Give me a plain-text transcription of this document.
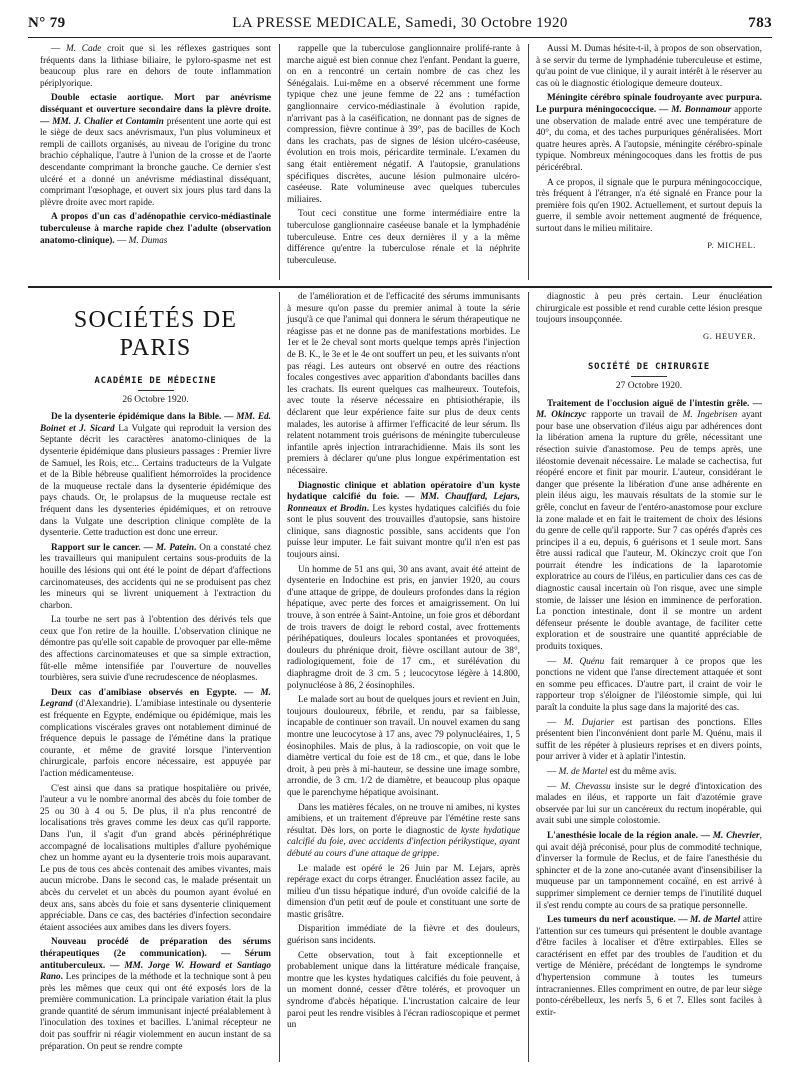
N° 79	LA PRESSE MEDICALE, Samedi, 30 Octobre 1920	783

— M. Cade croit que si les réflexes gastriques sont fréquents dans la lithiase biliaire, le pyloro-spasme net est beaucoup plus rare en dehors de toute inflammation périplyorique.

Double ectasie aortique. Mort par anévrisme disséquant et ouverture secondaire dans la plèvre droite. — MM. J. Chalier et Contamin présentent une aorte qui est le siège de deux sacs anévrismaux, l'un plus volumineux et rempli de caillots organisés, au niveau de l'origine du tronc brachio céphalique, l'autre à l'union de la crosse et de l'aorte descendante comprimant la bronche gauche. Ce dernier s'est ulcéré et a donné un anévrisme médiastinal disséquant, comprimant l'œsophage, et ouvert six jours plus tard dans la plèvre droite avec mort rapide.

A propos d'un cas d'adénopathie cervico-médiastinale tuberculeuse à marche rapide chez l'adulte (observation anatomo-clinique). — M. Dumas

rappelle que la tuberculose ganglionnaire prolifé-rante à marche aiguë est bien connue chez l'enfant. Pendant la guerre, on en a rencontré un certain nombre de cas chez les Sénégalais. Lui-même en a observé récemment une forme typique chez une jeune femme de 22 ans : tuméfaction ganglionnaire cervico-médiastinale à évolution rapide, n'arrivant pas à la caséification, ne donnant pas de signes de compression, fièvre continue à 39°, pas de bacilles de Koch dans les crachats, pas de signes de lésion ulcéro-caséeuse, évolution en trois mois, péricardite terminale. L'examen du sang était entièrement négatif. A l'autopsie, granulations spécifiques discrètes, aucune lésion pulmonaire ulcéro-caséeuse. Rate volumineuse avec quelques tubercules miliaires.

Tout ceci constitue une forme intermédiaire entre la tuberculose ganglionnaire caséeuse banale et la lymphadénie tuberculeuse. Entre ces deux dernières il y a la même différence qu'entre la tuberculose rénale et la néphrite tuberculeuse.

Aussi M. Dumas hésite-t-il, à propos de son observation, à se servir du terme de lymphadénie tuberculeuse et estime, qu'au point de vue clinique, il y aurait intérêt à le réserver au cas où le diagnostic étiologique demeure douteux.

Méningite cérébro spinale foudroyante avec purpura. Le purpura méningococcique. — M. Bonnamour apporte une observation de malade entré avec une température de 40°, du coma, et des taches purpuriques généralisées. Mort quatre heures après. A l'autopsie, méningite cérébro-spinale typique. Nombreux méningocoques dans les frottis de pus péricérébral.

A ce propos, il signale que le purpura méningococcique, très fréquent à l'étranger, n'a été signalé en France pour la première fois qu'en 1902. Actuellement, et surtout depuis la guerre, il semble avoir nettement augmenté de fréquence, surtout dans le milieu militaire.

P. MICHEL.
SOCIÉTÉS DE PARIS
ACADÉMIE DE MÉDECINE
26 Octobre 1920.

De la dysenterie épidémique dans la Bible. — MM. Ed. Boinet et J. Sicard La Vulgate qui reproduit la version des Septante décrit les caractères anatomo-cliniques de la dysenterie épidémique dans plusieurs passages : Premier livre de Samuel, les Rois, etc... Certains traducteurs de la Vulgate et de la Bible hébreuse qualifient hémorroïdes la procidence de la muqueuse rectale dans la dysenterie épidémique des pays chauds. Or, le prolapsus de la muqueuse rectale est fréquent dans les dysenteries épidémiques, et on retrouve dans la Vulgate une description clinique complète de la dysenterie. Cette traduction est donc une erreur.

Rapport sur le cancer. — M. Patein. On a constaté chez les travailleurs qui manipulent certains sous-produits de la houille des lésions qui ont été le point de départ d'affections carcinomateuses, des accidents qui ne se produisent pas chez les mineurs qui se livrent uniquement à l'extraction du charbon.

La tourbe ne sert pas à l'obtention des dérivés tels que ceux que l'on retire de la houille. L'observation clinique ne démontre pas qu'elle soit capable de provoquer par elle-même des affections carcinomateuses et que sa simple extraction, fût-elle même intensifiée par l'ouverture de nouvelles tourbières, sera suivie d'une recrudescence de néoplasmes.

Deux cas d'amibiase observés en Egypte. — M. Legrand (d'Alexandrie). L'amibiase intestinale ou dysenterie est fréquente en Egypte, endémique ou épidémique, mais les complications viscérales graves ont notablement diminué de fréquence depuis le passage de l'émétine dans la pratique courante, et même de gravité lorsque l'intervention chirurgicale, parfois encore nécessaire, est appuyée par l'action médicamenteuse.

C'est ainsi que dans sa pratique hospitalière ou privée, l'auteur a vu le nombre anormal des abcès du foie tomber de 25 ou 30 à 4 ou 5. De plus, il n'a plus rencontré de localisations très graves comme les deux cas qu'il rapporte. Dans l'un, il s'agit d'un grand abcès périnéphrétique accompagné de localisations multiples d'allure pyohémique chez un homme ayant eu la dysenterie trois mois auparavant. Le pus de tous ces abcès contenait des amibes vivantes, mais aucun microbe. Dans le second cas, le malade présentait un abcès du cervelet et un abcès du poumon ayant évolué en deux ans, sans abcès du foie et sans dysenterie cliniquement appréciable. Dans ce cas, des bactéries d'infection secondaire étaient associées aux amibes dans les divers foyers.

Nouveau procédé de préparation des sérums thérapeutiques (2e communication). — Sérum antituberculeux. — MM. Jorge W. Howard et Santiago Rano. Les principes de la méthode et la technique sont à peu près les mêmes que ceux qui ont été exposés lors de la première communication. La principale variation était la plus grande quantité de sérum immunisant injecté préalablement à l'inoculation des toxines et bacilles. L'animal récepteur ne doit pas souffrir ni réagir violemment en aucun instant de sa préparation. On peut se rendre compte

de l'amélioration et de l'efficacité des sérums immunisants à mesure qu'on passe du premier animal à toute la série jusqu'à ce que l'animal qui donnera le sérum thérapeutique ne réagisse pas et ne donne pas de manifestations morbides. Le 1er et le 2e cheval sont morts quelque temps après l'injection de B. K., le 3e et le 4e ont souffert un peu, et les suivants n'ont pas réagi. Les auteurs ont observé en outre des réactions focales congestives avec apparition d'abondants bacilles dans les crachats. Ils eurent quelques cas malheureux. Toutefois, avec toute la réserve nécessaire en phtisiothérapie, ils déclarent que leur expérience faite sur plus de deux cents malades, les autorise à affirmer l'efficacité de leur sérum. Ils relatent notamment trois guérisons de méningite tuberculeuse infantile après injection intrarachidienne. Mais ils sont les premiers à déclarer qu'une plus longue expérimentation est nécessaire.

Diagnostic clinique et ablation opératoire d'un kyste hydatique calcifié du foie. — MM. Chauffard, Lejars, Ronneaux et Brodin. Les kystes hydatiques calcifiés du foie sont le plus souvent des trouvailles d'autopsie, sans histoire clinique, sans diagnostic possible, sans accidents que l'on puisse leur imputer. Le fait suivant montre qu'il n'en est pas toujours ainsi.

Un homme de 51 ans qui, 30 ans avant, avait été atteint de dysenterie en Indochine est pris, en janvier 1920, au cours d'une attaque de grippe, de douleurs profondes dans la région hépatique, avec perte des forces et amaigrissement. On lui trouve, à son entrée à Saint-Antoine, un foie gros et débordant de trois travers de doigt le rebord costal, avec frottements périhépatiques, douleurs locales spontanées et provoquées, douleurs du phrénique droit, fièvre oscillant autour de 38°, radiologiquement, foie de 17 cm., et surélévation du diaphragme droit de 3 cm. 5 ; leucocytose légère à 14.800, polynucléose à 86, 2 éosinophiles.

Le malade sort au bout de quelques jours et revient en Juin, toujours douloureux, fébrile, et rendu, par sa faiblesse, incapable de continuer son travail. Un nouvel examen du sang montre une leucocytose à 17 ans, avec 79 polynucléaires, 1, 5 éosinophiles. Mais de plus, à la radioscopie, on voit que le diamètre vertical du foie est de 18 cm., et que, dans le lobe droit, à peu près à mi-hauteur, se dessine une image sombre, arrondie, de 3 cm. 1/2 de diamètre, et beaucoup plus opaque que le parenchyme hépatique avoisinant.

Dans les matières fécales, on ne trouve ni amibes, ni kystes amibiens, et un traitement d'épreuve par l'émétine reste sans résultat. Dès lors, on porte le diagnostic de kyste hydatique calcifié du foie, avec accidents d'infection périkystique, ayant débuté au cours d'une attaque de grippe.

Le malade est opéré le 26 Juin par M. Lejars, après repérage exact du corps étranger. Énucléation assez facile, au milieu d'un tissu hépatique induré, d'un ovoïde calcifié de la dimension d'un petit œuf de poule et constituant une sorte de mastic grisâtre.

Disparition immédiate de la fièvre et des douleurs, guérison sans incidents.

Cette observation, tout à fait exceptionnelle et probablement unique dans la littérature médicale française, montre que les kystes hydatiques calcifiés du foie peuvent, à un moment donné, cesser d'être tolérés, et provoquer un syndrome d'abcès hépatique. L'incrustation calcaire de leur paroi peut les rendre visibles à l'écran radioscopique et permet un

diagnostic à peu près certain. Leur énucléation chirurgicale est possible et rend curable cette lésion presque toujours insoupçonnée.

G. HEUYER.
SOCIÉTÉ DE CHIRURGIE
27 Octobre 1920.

Traitement de l'occlusion aiguë de l'intestin grêle. — M. Okinczyc rapporte un travail de M. Ingebrisen ayant pour base une observation d'iléus aigu par adhérences dont la libération amena la rupture du grêle, nécessitant une résection suivie d'anastomose. Peu de temps après, une iléostomie devenait nécessaire. Le malade se cachectisa, fut réopéré encore et finit par mourir. L'auteur, considérant le danger que présente la libération d'une anse adhérente en plein iléus aigu, les mauvais résultats de la stomie sur le grêle, conclut en faveur de l'entéro-anastomose pour exclure la zone malade et en fait le traitement de choix des lésions du genre de celle qu'il rapporte. Sur 7 cas opérés d'après ces principes il a eu, depuis, 6 guérisons et 1 seule mort. Sans être aussi radical que l'auteur, M. Okinczyc croit que l'on pourrait étendre les indications de la laparotomie exploratrice au cours de l'iléus, en particulier dans ces cas de diagnostic causal incertain où l'on risque, avec une simple stomie, de laisser une lésion en imminence de perforation. La ponction intestinale, dont il se montre un ardent défenseur présente le double avantage, de faciliter cette exploration et de soustraire une quantité appréciable de produits toxiques.

— M. Quénu fait remarquer à ce propos que les ponctions ne vident que l'anse directement attaquée et sont en somme peu efficaces. D'autre part, il craint de voir le rapporteur trop s'éloigner de l'iléostomie simple, qui lui paraît la conduite la plus sage dans la majorité des cas.

— M. Dujarier est partisan des ponctions. Elles présentent bien l'inconvénient dont parle M. Quénu, mais il suffit de les répéter à plusieurs reprises et en divers points, pour arriver à vider et à aplatir l'intestin.

— M. de Martel est du même avis.

— M. Chevassu insiste sur le degré d'intoxication des malades en iléus, et rapporte un fait d'azotémie grave observée par lui sur un cancéreux du rectum inopérable, qui avait subi une simple colostomie.

L'anesthésie locale de la région anale. — M. Chevrier, qui avait déjà préconisé, pour plus de commodité technique, d'inverser la formule de Reclus, et de faire l'anesthésie du sphincter et de la zone ano-cutanée avant d'insensibiliser la muqueuse par un tamponnement cocaïné, en est arrivé à supprimer simplement ce dernier temps de l'inutilité duquel il s'est rendu compte au cours de sa pratique personnelle.

Les tumeurs du nerf acoustique. — M. de Martel attire l'attention sur ces tumeurs qui présentent le double avantage d'être faciles à localiser et d'être extirpables. Elles se caractérisent en effet par des troubles de l'audition et du vertige de Ménière, précédant de longtemps le syndrome d'hypertension commune à toutes les tumeurs intracraniennes. Elles compriment en outre, de par leur siège ponto-cérébelleux, les nerfs 5, 6 et 7. Elles sont faciles à extir-
